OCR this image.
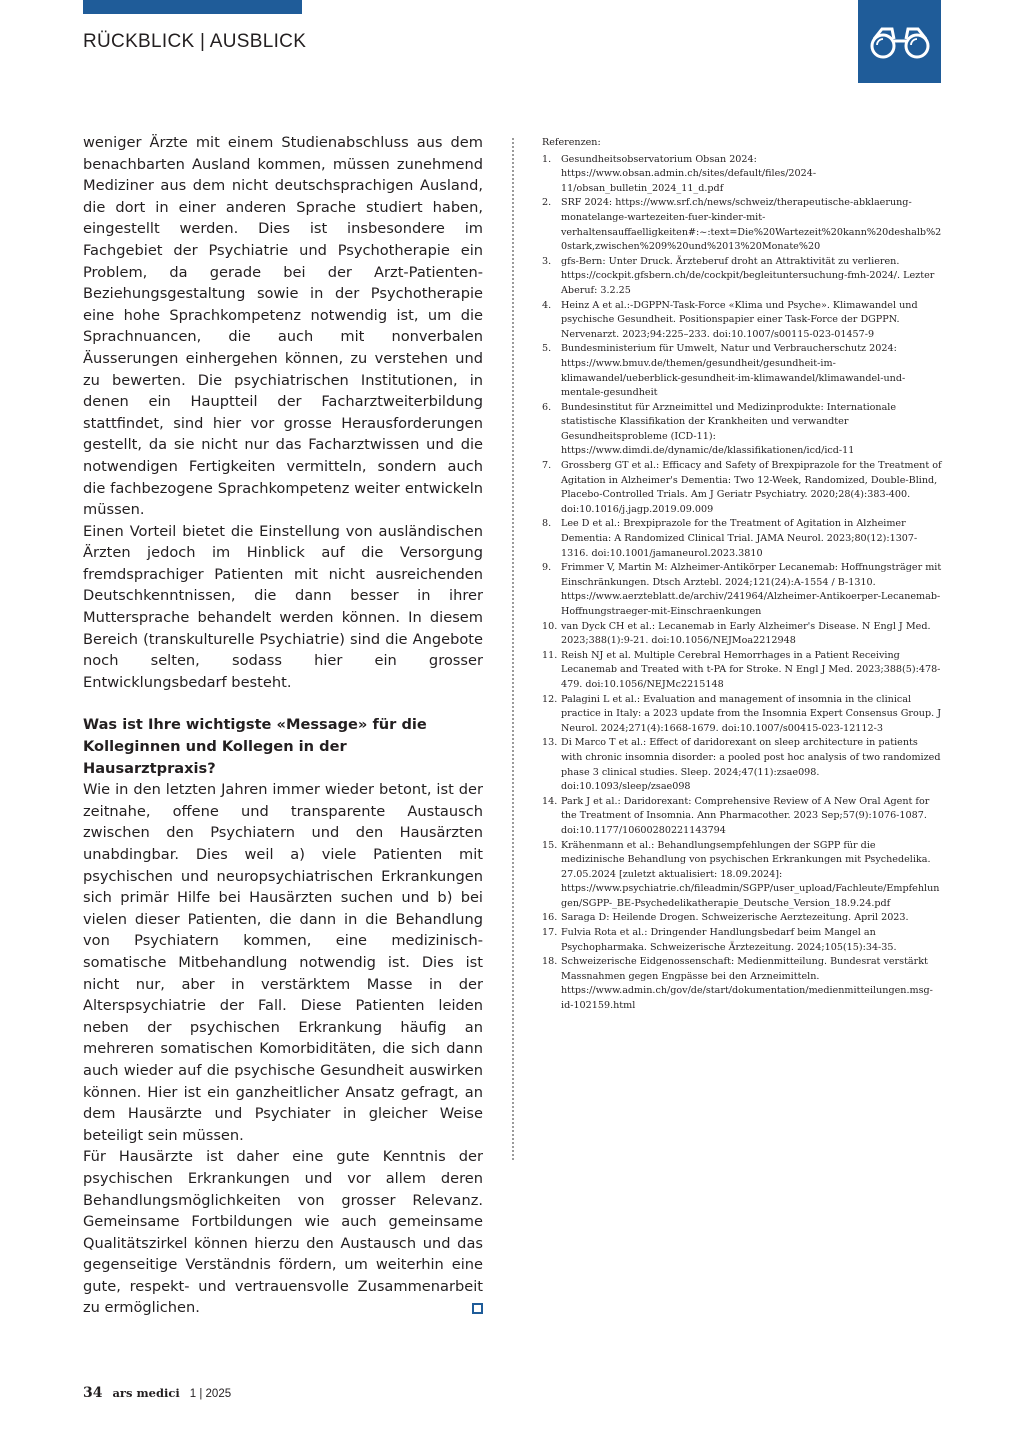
RÜCKBLICK | AUSBLICK

weniger Ärzte mit einem Studienabschluss aus dem benachbarten Ausland kommen, müssen zunehmend Mediziner aus dem nicht deutschsprachigen Ausland, die dort in einer anderen Sprache studiert haben, eingestellt werden. Dies ist insbesondere im Fachgebiet der Psychiatrie und Psychotherapie ein Problem, da gerade bei der Arzt-Patienten-Beziehungsgestaltung sowie in der Psychotherapie eine hohe Sprachkompetenz notwendig ist, um die Sprachnuancen, die auch mit nonverbalen Äusserungen einhergehen können, zu verstehen und zu bewerten. Die psychiatrischen Institutionen, in denen ein Hauptteil der Facharztweiterbildung stattfindet, sind hier vor grosse Herausforderungen gestellt, da sie nicht nur das Facharztwissen und die notwendigen Fertigkeiten vermitteln, sondern auch die fachbezogene Sprachkompetenz weiter entwickeln müssen.

Einen Vorteil bietet die Einstellung von ausländischen Ärzten jedoch im Hinblick auf die Versorgung fremdsprachiger Patienten mit nicht ausreichenden Deutschkenntnissen, die dann besser in ihrer Muttersprache behandelt werden können. In diesem Bereich (transkulturelle Psychiatrie) sind die Angebote noch selten, sodass hier ein grosser Entwicklungsbedarf besteht.

Was ist Ihre wichtigste «Message» für die Kolleginnen und Kollegen in der Hausarztpraxis?

Wie in den letzten Jahren immer wieder betont, ist der zeitnahe, offene und transparente Austausch zwischen den Psychiatern und den Hausärzten unabdingbar. Dies weil a) viele Patienten mit psychischen und neuropsychiatrischen Erkrankungen sich primär Hilfe bei Hausärzten suchen und b) bei vielen dieser Patienten, die dann in die Behandlung von Psychiatern kommen, eine medizinisch-somatische Mitbehandlung notwendig ist. Dies ist nicht nur, aber in verstärktem Masse in der Alterspsychiatrie der Fall. Diese Patienten leiden neben der psychischen Erkrankung häufig an mehreren somatischen Komorbiditäten, die sich dann auch wieder auf die psychische Gesundheit auswirken können. Hier ist ein ganzheitlicher Ansatz gefragt, an dem Hausärzte und Psychiater in gleicher Weise beteiligt sein müssen.

Für Hausärzte ist daher eine gute Kenntnis der psychischen Erkrankungen und vor allem deren Behandlungsmöglichkeiten von grosser Relevanz. Gemeinsame Fortbildungen wie auch gemeinsame Qualitätszirkel können hierzu den Austausch und das gegenseitige Verständnis fördern, um weiterhin eine gute, respekt- und vertrauensvolle Zusammenarbeit zu ermöglichen.

Referenzen:

1. Gesundheitsobservatorium Obsan 2024: https://www.obsan.admin.ch/sites/default/files/2024-11/obsan_bulletin_2024_11_d.pdf
2. SRF 2024: https://www.srf.ch/news/schweiz/therapeutische-abklaerung-monatelange-wartezeiten-fuer-kinder-mit-verhaltensauffaelligkeiten#:~:text=Die%20Wartezeit%20kann%20deshalb%20stark,zwischen%209%20und%2013%20Monate%20
3. gfs-Bern: Unter Druck. Ärzteberuf droht an Attraktivität zu verlieren. https://cockpit.gfsbern.ch/de/cockpit/begleituntersuchung-fmh-2024/. Lezter Aberuf: 3.2.25
4. Heinz A et al.:-DGPPN-Task-Force «Klima und Psyche». Klimawandel und psychische Gesundheit. Positionspapier einer Task-Force der DGPPN. Nervenarzt. 2023;94:225–233. doi:10.1007/s00115-023-01457-9
5. Bundesministerium für Umwelt, Natur und Verbraucherschutz 2024: https://www.bmuv.de/themen/gesundheit/gesundheit-im-klimawandel/ueberblick-gesundheit-im-klimawandel/klimawandel-und-mentale-gesundheit
6. Bundesinstitut für Arzneimittel und Medizinprodukte: Internationale statistische Klassifikation der Krankheiten und verwandter Gesundheitsprobleme (ICD-11): https://www.dimdi.de/dynamic/de/klassifikationen/icd/icd-11
7. Grossberg GT et al.: Efficacy and Safety of Brexpiprazole for the Treatment of Agitation in Alzheimer's Dementia: Two 12-Week, Randomized, Double-Blind, Placebo-Controlled Trials. Am J Geriatr Psychiatry. 2020;28(4):383-400. doi:10.1016/j.jagp.2019.09.009
8. Lee D et al.: Brexpiprazole for the Treatment of Agitation in Alzheimer Dementia: A Randomized Clinical Trial. JAMA Neurol. 2023;80(12):1307-1316. doi:10.1001/jamaneurol.2023.3810
9. Frimmer V, Martin M: Alzheimer-Antikörper Lecanemab: Hoffnungsträger mit Einschränkungen. Dtsch Arztebl. 2024;121(24):A-1554 / B-1310. https://www.aerzteblatt.de/archiv/241964/Alzheimer-Antikoerper-Lecanemab-Hoffnungstraeger-mit-Einschraenkungen
10. van Dyck CH et al.: Lecanemab in Early Alzheimer's Disease. N Engl J Med. 2023;388(1):9-21. doi:10.1056/NEJMoa2212948
11. Reish NJ et al. Multiple Cerebral Hemorrhages in a Patient Receiving Lecanemab and Treated with t-PA for Stroke. N Engl J Med. 2023;388(5):478-479. doi:10.1056/NEJMc2215148
12. Palagini L et al.: Evaluation and management of insomnia in the clinical practice in Italy: a 2023 update from the Insomnia Expert Consensus Group. J Neurol. 2024;271(4):1668-1679. doi:10.1007/s00415-023-12112-3
13. Di Marco T et al.: Effect of daridorexant on sleep architecture in patients with chronic insomnia disorder: a pooled post hoc analysis of two randomized phase 3 clinical studies. Sleep. 2024;47(11):zsae098. doi:10.1093/sleep/zsae098
14. Park J et al.: Daridorexant: Comprehensive Review of A New Oral Agent for the Treatment of Insomnia. Ann Pharmacother. 2023 Sep;57(9):1076-1087. doi:10.1177/10600280221143794
15. Krähenmann et al.: Behandlungsempfehlungen der SGPP für die medizinische Behandlung von psychischen Erkrankungen mit Psychedelika. 27.05.2024 [zuletzt aktualisiert: 18.09.2024]: https://www.psychiatrie.ch/fileadmin/SGPP/user_upload/Fachleute/Empfehlungen/SGPP-_BE-Psychedelikatherapie_Deutsche_Version_18.9.24.pdf
16. Saraga D: Heilende Drogen. Schweizerische Aerztezeitung. April 2023.
17. Fulvia Rota et al.: Dringender Handlungsbedarf beim Mangel an Psychopharmaka. Schweizerische Ärztezeitung. 2024;105(15):34-35.
18. Schweizerische Eidgenossenschaft: Medienmitteilung. Bundesrat verstärkt Massnahmen gegen Engpässe bei den Arzneimitteln. https://www.admin.ch/gov/de/start/dokumentation/medienmitteilungen.msg-id-102159.html
34 ars medici 1 | 2025
